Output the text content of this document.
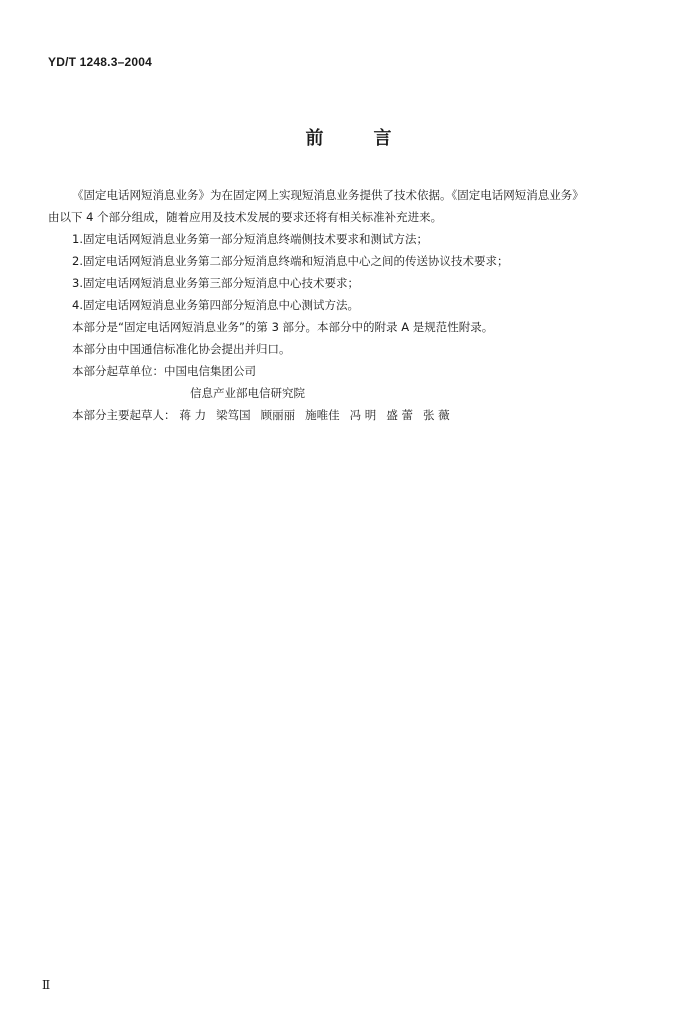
YD/T 1248.3–2004
前言
《固定电话网短消息业务》为在固定网上实现短消息业务提供了技术依据。《固定电话网短消息业务》
由以下 4 个部分组成，随着应用及技术发展的要求还将有相关标准补充进来。
1.固定电话网短消息业务第一部分短消息终端侧技术要求和测试方法；
2.固定电话网短消息业务第二部分短消息终端和短消息中心之间的传送协议技术要求；
3.固定电话网短消息业务第三部分短消息中心技术要求；
4.固定电话网短消息业务第四部分短消息中心测试方法。
本部分是“固定电话网短消息业务”的第 3 部分。本部分中的附录 A 是规范性附录。
本部分由中国通信标准化协会提出并归口。
本部分起草单位：中国电信集团公司
信息产业部电信研究院
本部分主要起草人： 蒋 力 梁笃国 顾丽丽 施唯佳 冯 明 盛 蕾 张 薇
Ⅱ
